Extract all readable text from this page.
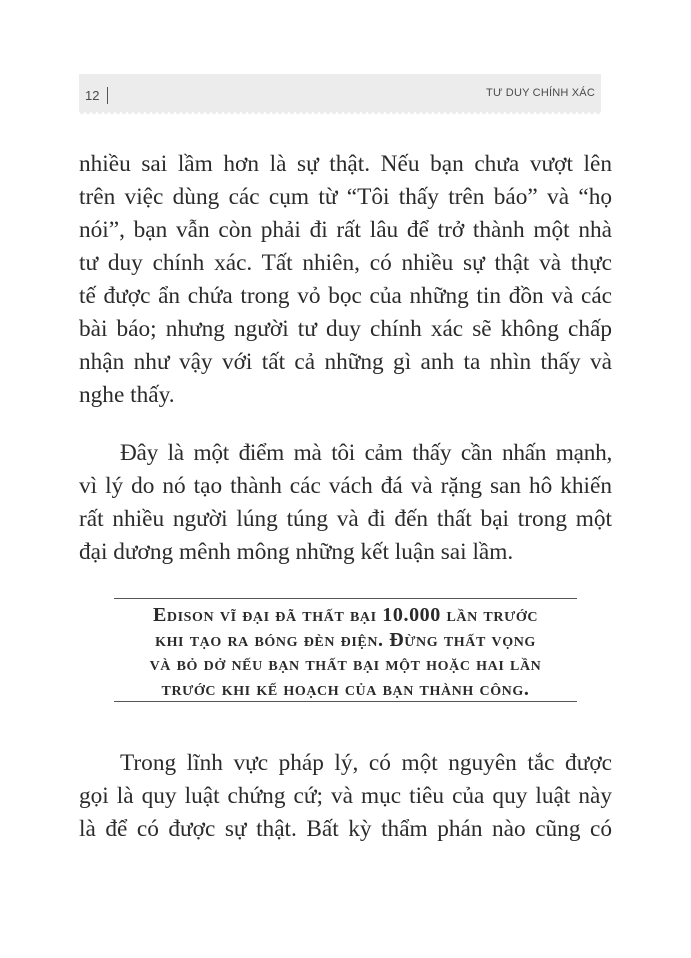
12	TƯ DUY CHÍNH XÁC

nhiều sai lầm hơn là sự thật. Nếu bạn chưa vượt lên
trên việc dùng các cụm từ “Tôi thấy trên báo” và “họ
nói”, bạn vẫn còn phải đi rất lâu để trở thành một nhà
tư duy chính xác. Tất nhiên, có nhiều sự thật và thực
tế được ẩn chứa trong vỏ bọc của những tin đồn và các
bài báo; nhưng người tư duy chính xác sẽ không chấp
nhận như vậy với tất cả những gì anh ta nhìn thấy và
nghe thấy.

Đây là một điểm mà tôi cảm thấy cần nhấn mạnh,
vì lý do nó tạo thành các vách đá và rặng san hô khiến
rất nhiều người lúng túng và đi đến thất bại trong một
đại dương mênh mông những kết luận sai lầm.

Edison vĩ đại đã thất bại 10.000 lần trước
khi tạo ra bóng đèn điện. Đừng thất vọng
và bỏ dở nếu bạn thất bại một hoặc hai lần
trước khi kế hoạch của bạn thành công.

Trong lĩnh vực pháp lý, có một nguyên tắc được
gọi là quy luật chứng cứ; và mục tiêu của quy luật này
là để có được sự thật. Bất kỳ thẩm phán nào cũng có
